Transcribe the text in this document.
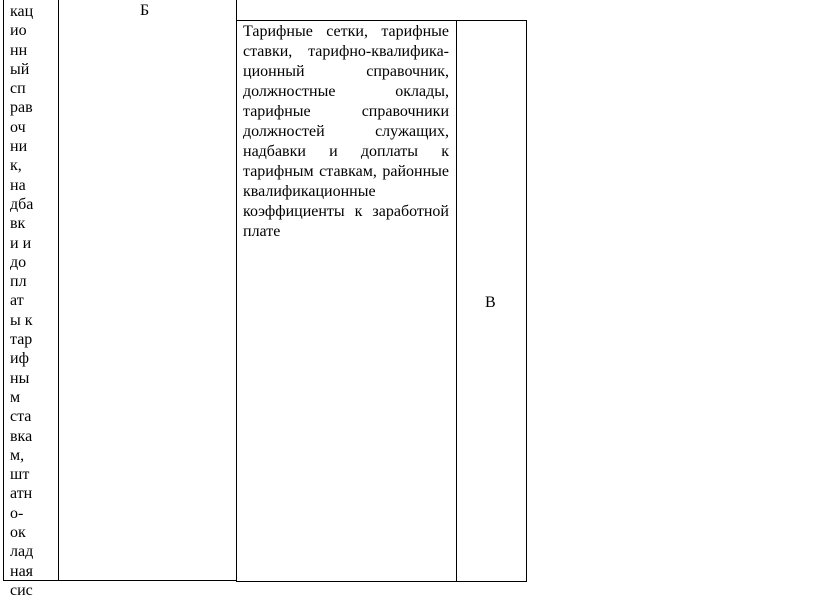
кац
ио
нн
ый
сп
рав
оч
ни
к,
на
дба
вк
и и
до
пл
ат
ы к
тар
иф
ны
м
ста
вка
м,
шт
атн
о-
ок
лад
ная
сис
Б
Тарифные сетки, тарифные ставки, тарифно-квалифика-ционный справочник, должностные оклады, тарифные справочники должностей служащих, надбавки и доплаты к тарифным ставкам, районные квалификационные коэффициенты к заработной плате
В
